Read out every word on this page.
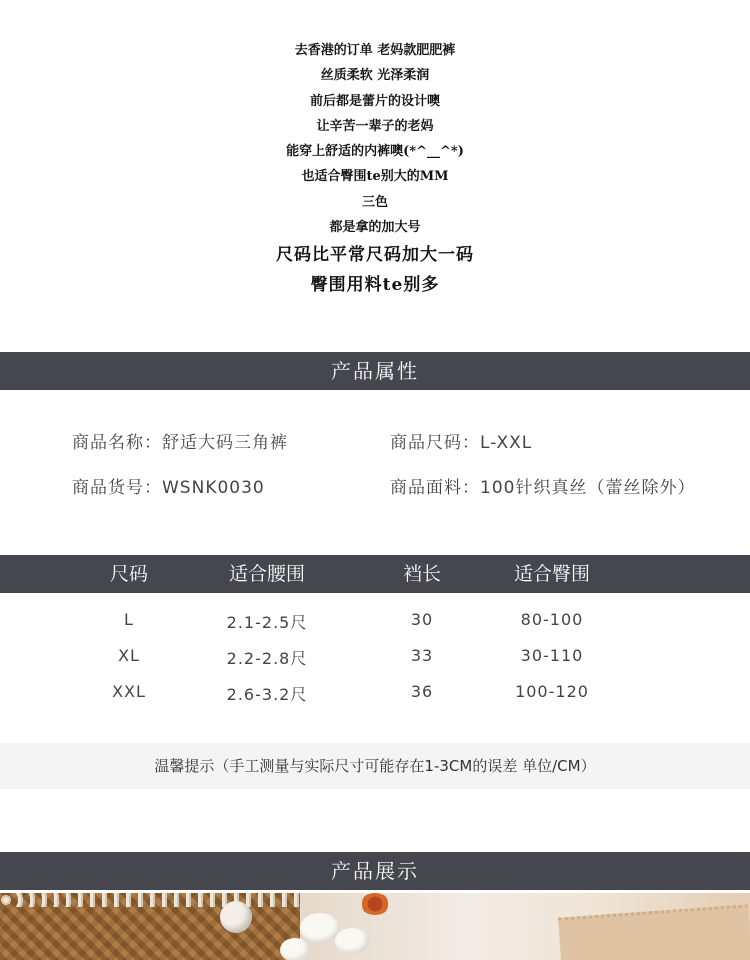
去香港的订单 老妈款肥肥裤
丝质柔软 光泽柔润
前后都是蕾片的设计噢
让辛苦一辈子的老妈
能穿上舒适的内裤噢(*^__^*)
也适合臀围te别大的MM
三色
都是拿的加大号
尺码比平常尺码加大一码
臀围用料te别多
产品属性
商品名称：舒适大码三角裤	商品尺码：L-XXL
商品货号：WSNK0030	商品面料：100针织真丝（蕾丝除外）
尺码	适合腰围	裆长	适合臀围
L	2.1-2.5尺	30	80-100
XL	2.2-2.8尺	33	30-110
XXL	2.6-3.2尺	36	100-120
温馨提示（手工测量与实际尺寸可能存在1-3CM的误差 单位/CM）
产品展示
